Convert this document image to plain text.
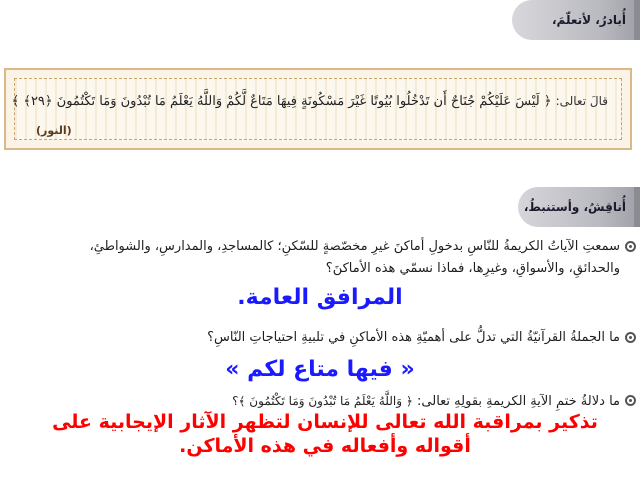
أُبادرُ، لأتعلّمَ،
قالَ تعالى: ﴿ لَيْسَ عَلَيْكُمْ جُنَاحٌ أَن تَدْخُلُوا بُيُوتًا غَيْرَ مَسْكُونَةٍ فِيهَا مَتَاعٌ لَّكُمْ وَاللَّهُ يَعْلَمُ مَا تُبْدُونَ وَمَا تَكْتُمُونَ ﴿٢٩﴾ ﴾
(النور)
أُناقِشُ، وأستنبطُ،
سمعتِ الآياتُ الكريمةُ للنّاسِ بدخولِ أماكنَ غيرِ مخصّصةٍ للسّكنِ؛ كالمساجدِ، والمدارسِ، والشواطئِ،
والحدائقِ، والأسواقِ، وغيرِها، فماذا نسمّي هذه الأماكنَ؟
المرافق العامة.
ما الجملةُ القرآنيّةُ التي تدلُّ على أهميّةِ هذه الأماكنِ في تلبيةِ احتياجاتِ النّاسِ؟
« فيها متاع لكم »
ما دلالةُ ختمِ الآيةِ الكريمةِ بقولِهِ تعالى: ﴿ وَاللَّهُ يَعْلَمُ مَا تُبْدُونَ وَمَا تَكْتُمُونَ ﴾؟
تذكير بمراقبة الله تعالى للإنسان لتظهر الآثار الإيجابية على
أقواله وأفعاله في هذه الأماكن.
